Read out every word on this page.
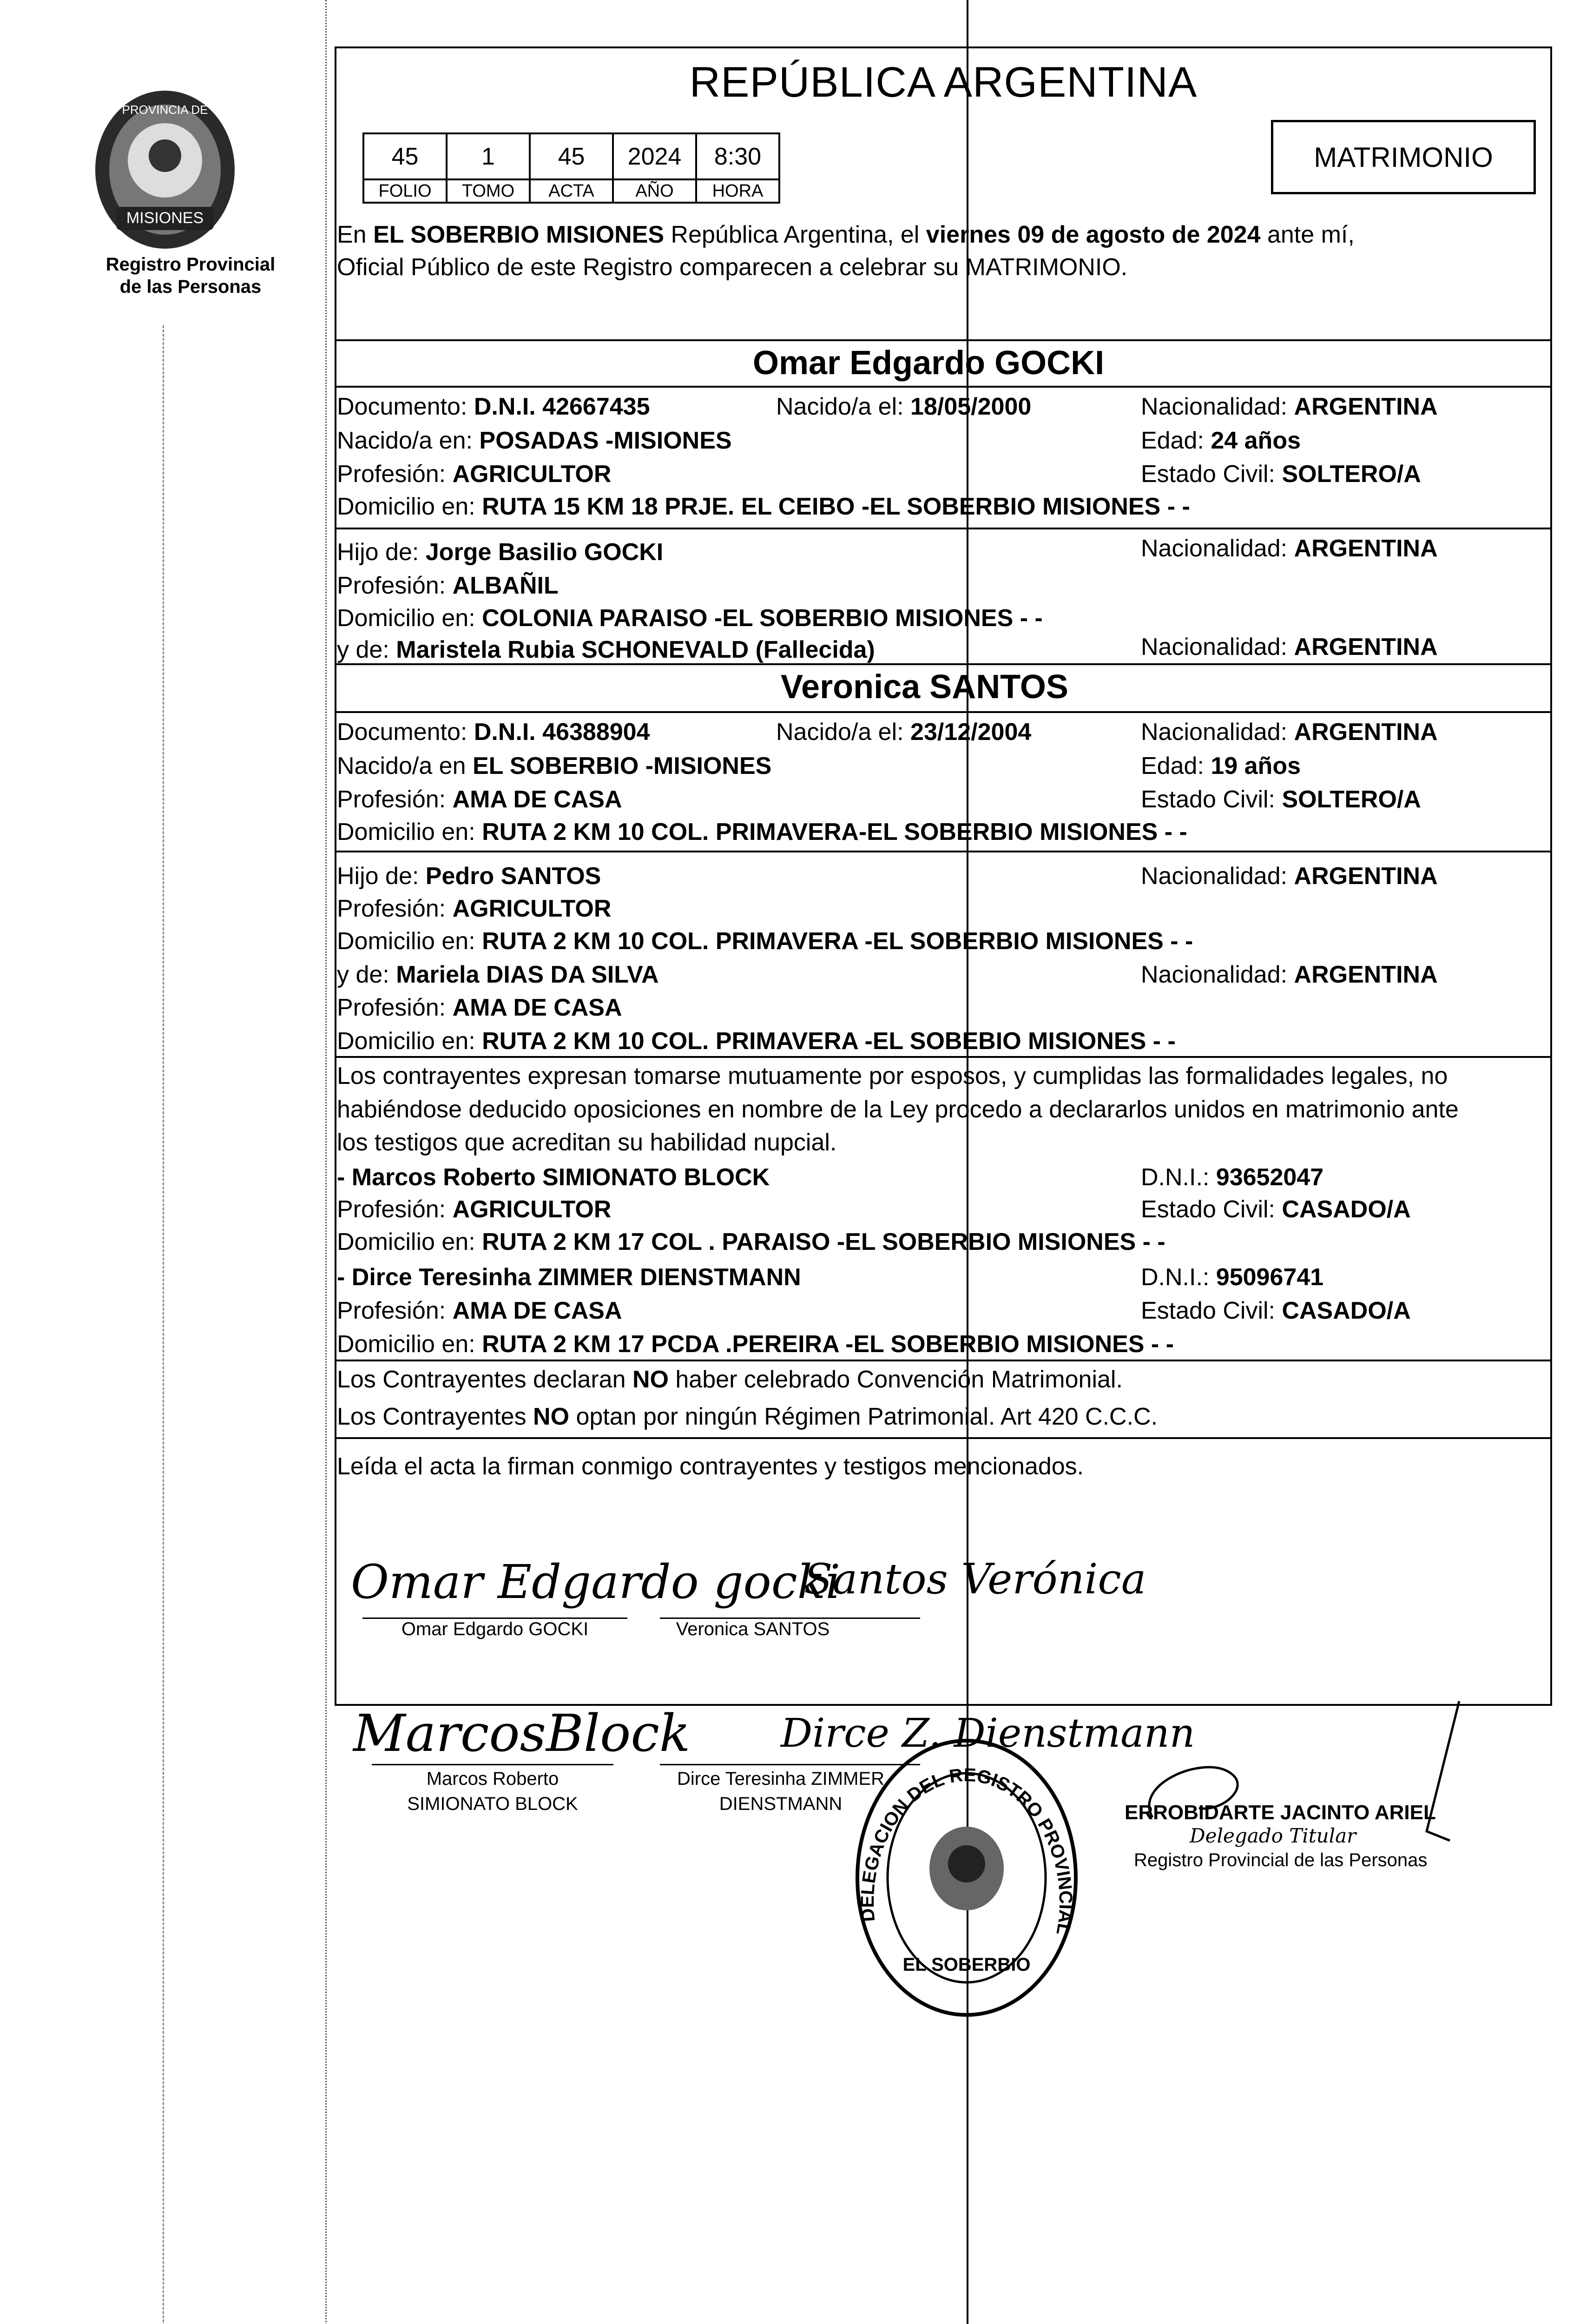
PROVINCIA DE
MISIONES
Registro Provincial
de las Personas
REPÚBLICA ARGENTINA
45	1	45	2024	8:30
FOLIO	TOMO	ACTA	AÑO	HORA
MATRIMONIO
En EL SOBERBIO MISIONES República Argentina, el viernes 09 de agosto de 2024 ante mí,
Oficial Público de este Registro comparecen a celebrar su MATRIMONIO.
Omar Edgardo GOCKI
Documento: D.N.I. 42667435	Nacido/a el: 18/05/2000	Nacionalidad: ARGENTINA
Nacido/a en: POSADAS -MISIONES	Edad: 24 años
Profesión: AGRICULTOR	Estado Civil: SOLTERO/A
Domicilio en: RUTA 15 KM 18 PRJE. EL CEIBO -EL SOBERBIO MISIONES - -
Hijo de: Jorge Basilio GOCKI	Nacionalidad: ARGENTINA
Profesión: ALBAÑIL
Domicilio en: COLONIA PARAISO -EL SOBERBIO MISIONES - -
y de: Maristela Rubia SCHONEVALD (Fallecida)	Nacionalidad: ARGENTINA
Veronica SANTOS
Documento: D.N.I. 46388904	Nacido/a el: 23/12/2004	Nacionalidad: ARGENTINA
Nacido/a en EL SOBERBIO -MISIONES	Edad: 19 años
Profesión: AMA DE CASA	Estado Civil: SOLTERO/A
Domicilio en: RUTA 2 KM 10 COL. PRIMAVERA-EL SOBERBIO MISIONES - -
Hijo de: Pedro SANTOS	Nacionalidad: ARGENTINA
Profesión: AGRICULTOR
Domicilio en: RUTA 2 KM 10 COL. PRIMAVERA -EL SOBERBIO MISIONES - -
y de: Mariela DIAS DA SILVA	Nacionalidad: ARGENTINA
Profesión: AMA DE CASA
Domicilio en: RUTA 2 KM 10 COL. PRIMAVERA -EL SOBEBIO MISIONES - -
Los contrayentes expresan tomarse mutuamente por esposos, y cumplidas las formalidades legales, no
habiéndose deducido oposiciones en nombre de la Ley procedo a declararlos unidos en matrimonio ante
los testigos que acreditan su habilidad nupcial.
- Marcos Roberto SIMIONATO BLOCK	D.N.I.: 93652047
Profesión: AGRICULTOR	Estado Civil: CASADO/A
Domicilio en: RUTA 2 KM 17 COL . PARAISO -EL SOBERBIO MISIONES - -
- Dirce Teresinha ZIMMER DIENSTMANN	D.N.I.: 95096741
Profesión: AMA DE CASA	Estado Civil: CASADO/A
Domicilio en: RUTA 2 KM 17 PCDA .PEREIRA -EL SOBERBIO MISIONES - -
Los Contrayentes declaran NO haber celebrado Convención Matrimonial.
Los Contrayentes NO optan por ningún Régimen Patrimonial. Art 420 C.C.C.
Leída el acta la firman conmigo contrayentes y testigos mencionados.
Omar Edgardo gocki
Santos Verónica
Omar Edgardo GOCKI	Veronica SANTOS
MarcosBlock Dirce Z. Dienstmann
Marcos Roberto
SIMIONATO BLOCK
Dirce Teresinha ZIMMER
DIENSTMANN
DELEGACION DEL REGISTRO PROVINCIAL
EL SOBERBIO
ERROBIDARTE JACINTO ARIEL
Delegado Titular
Registro Provincial de las Personas
